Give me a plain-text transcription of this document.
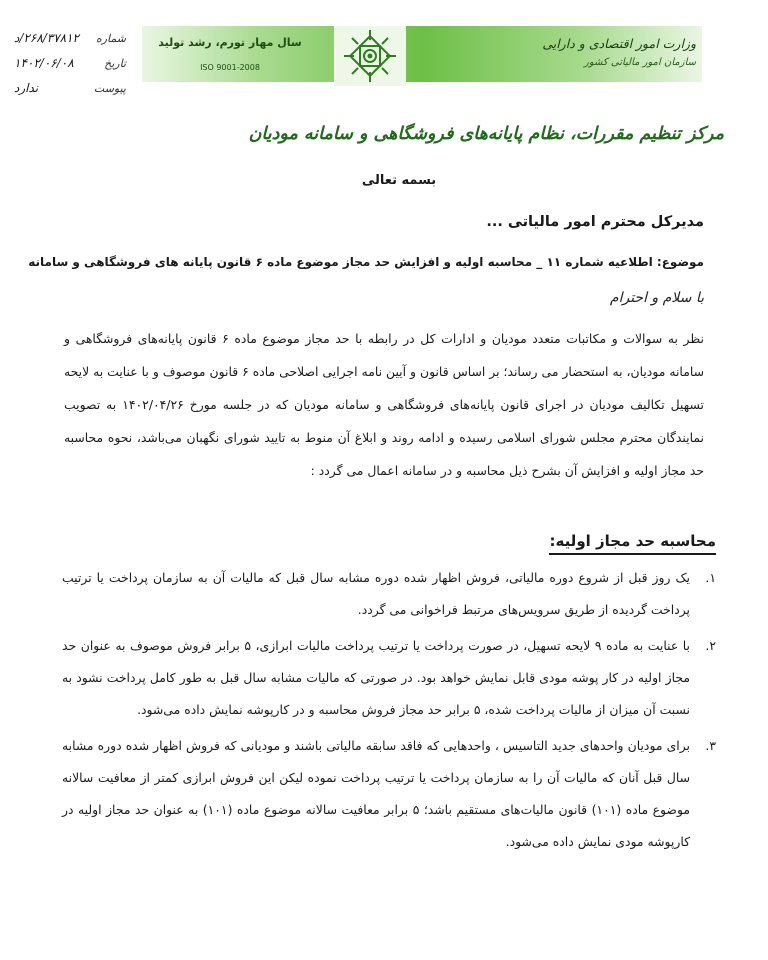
شماره
۲۶۸/۳۷۸۱۲/د
تاریخ
۱۴۰۲/۰۶/۰۸
پیوست
ندارد
سال مهار تورم، رشد تولید
ISO 9001-2008
وزارت امور اقتصادی و دارایی
سازمان امور مالیاتی کشور
مرکز تنظیم مقررات، نظام پایانه‌های فروشگاهی و سامانه مودیان
بسمه تعالی
مدیرکل محترم امور مالیاتی ...
موضوع: اطلاعیه شماره ۱۱ _ محاسبه اولیه و افزایش حد مجاز موضوع ماده ۶ قانون پایانه های فروشگاهی و سامانه
با سلام و احترام
نظر به سوالات و مکاتبات متعدد مودیان و ادارات کل در رابطه با حد مجاز موضوع ماده ۶ قانون پایانه‌های فروشگاهی و سامانه مودیان، به استحضار می رساند؛ بر اساس قانون و آیین نامه اجرایی اصلاحی ماده ۶ قانون موصوف و با عنایت به لایحه تسهیل تکالیف مودیان در اجرای قانون پایانه‌های فروشگاهی و سامانه مودیان که در جلسه مورخ ۱۴۰۲/۰۴/۲۶ به تصویب نمایندگان محترم مجلس شورای اسلامی رسیده و ادامه روند و ابلاغ آن منوط به تایید شورای نگهبان می‌باشد، نحوه محاسبه حد مجاز اولیه و افزایش آن بشرح ذیل محاسبه و در سامانه اعمال می گردد :
محاسبه حد مجاز اولیه:
۱.
یک روز قبل از شروع دوره مالیاتی، فروش اظهار شده دوره مشابه سال قبل که مالیات آن به سازمان پرداخت یا ترتیب پرداخت گردیده از طریق سرویس‌های مرتبط فراخوانی می گردد.
۲.
با عنایت به ماده ۹ لایحه تسهیل، در صورت پرداخت یا ترتیب پرداخت مالیات ابرازی، ۵ برابر فروش موصوف به عنوان حد مجاز اولیه در کار پوشه مودی قابل نمایش خواهد بود. در صورتی که مالیات مشابه سال قبل به طور کامل پرداخت نشود به نسبت آن میزان از مالیات پرداخت شده، ۵ برابر حد مجاز فروش محاسبه و در کارپوشه نمایش داده می‌شود.
۳.
برای مودیان واحدهای جدید التاسیس ، واحدهایی که فاقد سابقه مالیاتی باشند و مودیانی که فروش اظهار شده دوره مشابه سال قبل آنان که مالیات آن را به سازمان پرداخت یا ترتیب پرداخت نموده لیکن این فروش ابرازی کمتر از معافیت سالانه موضوع ماده (۱۰۱) قانون مالیات‌های مستقیم باشد؛ ۵ برابر معافیت سالانه موضوع ماده (۱۰۱) به عنوان حد مجاز اولیه در کارپوشه مودی نمایش داده می‌شود.
